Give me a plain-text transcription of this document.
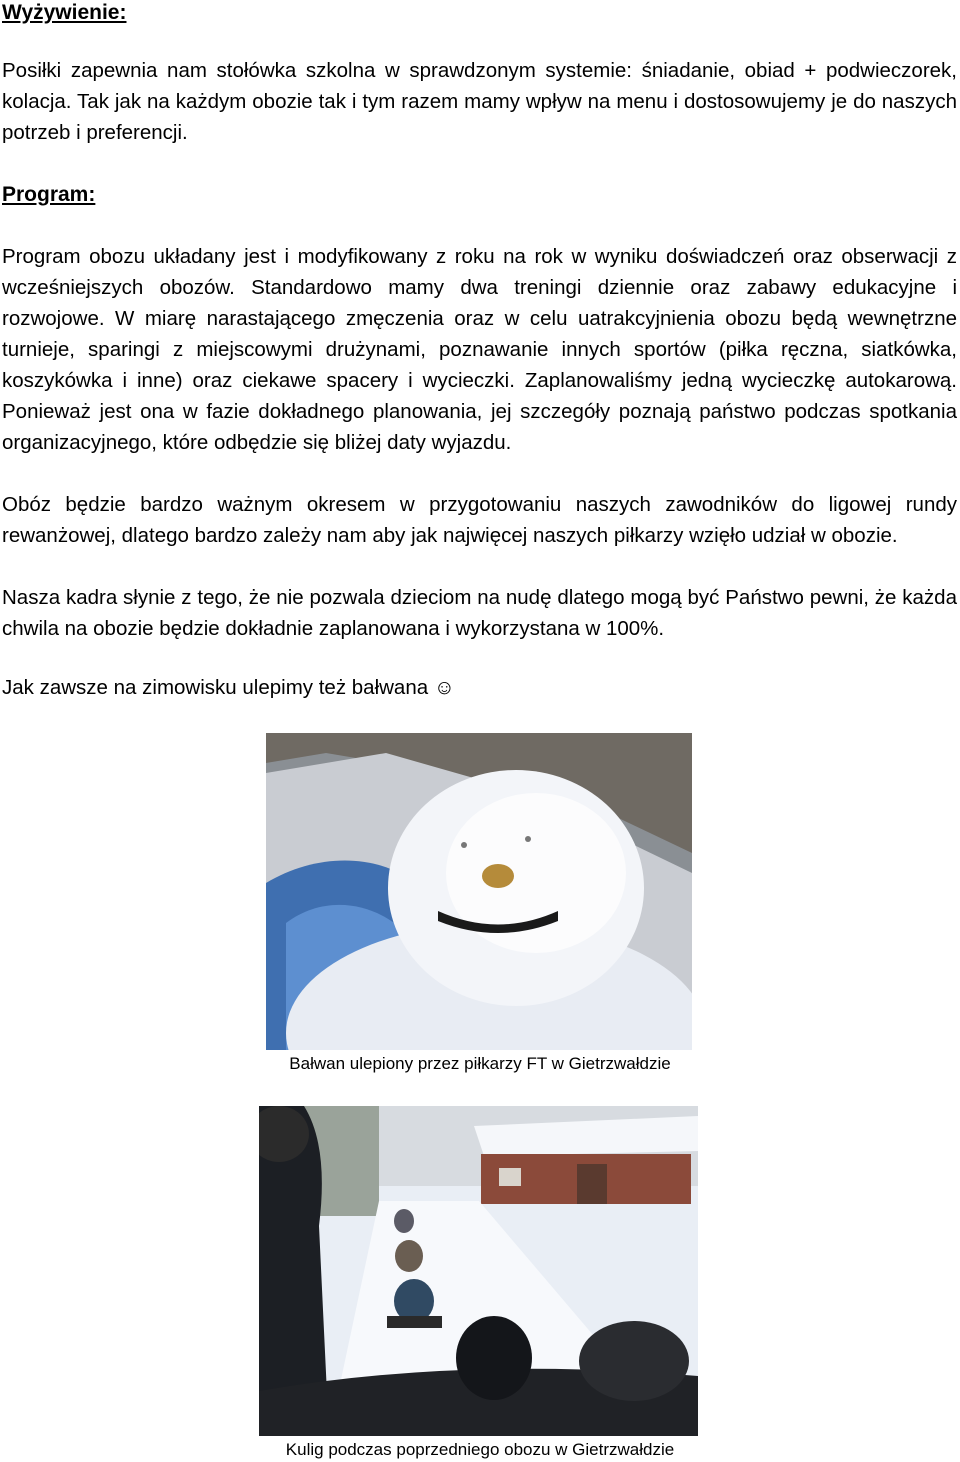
Wyżywienie:

Posiłki zapewnia nam stołówka szkolna w sprawdzonym systemie: śniadanie, obiad + podwieczorek, kolacja. Tak jak na każdym obozie tak i tym razem mamy wpływ na menu i dostosowujemy je do naszych potrzeb i preferencji.

Program:

Program obozu układany jest i modyfikowany z roku na rok w wyniku doświadczeń oraz obserwacji z wcześniejszych obozów. Standardowo mamy dwa treningi dziennie oraz zabawy edukacyjne i rozwojowe. W miarę narastającego zmęczenia oraz w celu uatrakcyjnienia obozu będą wewnętrzne turnieje, sparingi z miejscowymi drużynami, poznawanie innych sportów (piłka ręczna, siatkówka, koszykówka i inne) oraz ciekawe spacery i wycieczki. Zaplanowaliśmy jedną wycieczkę autokarową. Ponieważ jest ona w fazie dokładnego planowania, jej szczegóły poznają państwo podczas spotkania organizacyjnego, które odbędzie się bliżej daty wyjazdu.

Obóz będzie bardzo ważnym okresem w przygotowaniu naszych zawodników do ligowej rundy rewanżowej, dlatego bardzo zależy nam aby jak najwięcej naszych piłkarzy wzięło udział w obozie.

Nasza kadra słynie z tego, że nie pozwala dzieciom na nudę dlatego mogą być Państwo pewni, że każda chwila na obozie będzie dokładnie zaplanowana i wykorzystana w 100%.

Jak zawsze na zimowisku ulepimy też bałwana ☺

Bałwan ulepiony przez piłkarzy FT w Gietrzwałdzie

Kulig podczas poprzedniego obozu w Gietrzwałdzie
